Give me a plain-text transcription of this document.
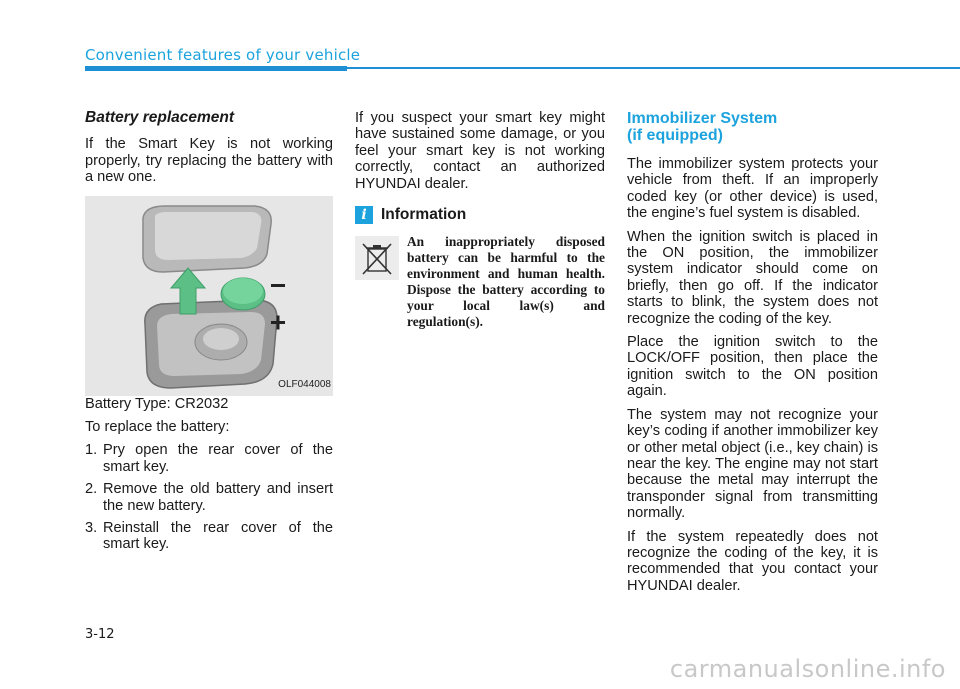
Convenient features of your vehicle
Battery replacement

If the Smart Key is not working properly, try replacing the battery with a new one.

OLF044008

Battery Type: CR2032

To replace the battery:

1. Pry open the rear cover of the smart key.
2. Remove the old battery and insert the new battery.
3. Reinstall the rear cover of the smart key.

If you suspect your smart key might have sustained some damage, or you feel your smart key is not working correctly, contact an authorized HYUNDAI dealer.

i Information
An inappropriately disposed battery can be harmful to the environment and human health. Dispose the battery according to your local law(s) and regulation(s).
Immobilizer System
(if equipped)

The immobilizer system protects your vehicle from theft. If an improperly coded key (or other device) is used, the engine’s fuel system is disabled.

When the ignition switch is placed in the ON position, the immobilizer system indicator should come on briefly, then go off. If the indicator starts to blink, the system does not recognize the coding of the key.

Place the ignition switch to the LOCK/OFF position, then place the ignition switch to the ON position again.

The system may not recognize your key’s coding if another immobilizer key or other metal object (i.e., key chain) is near the key. The engine may not start because the metal may interrupt the transponder signal from transmitting normally.

If the system repeatedly does not recognize the coding of the key, it is recommended that you contact your HYUNDAI dealer.

3-12
carmanualsonline.info
